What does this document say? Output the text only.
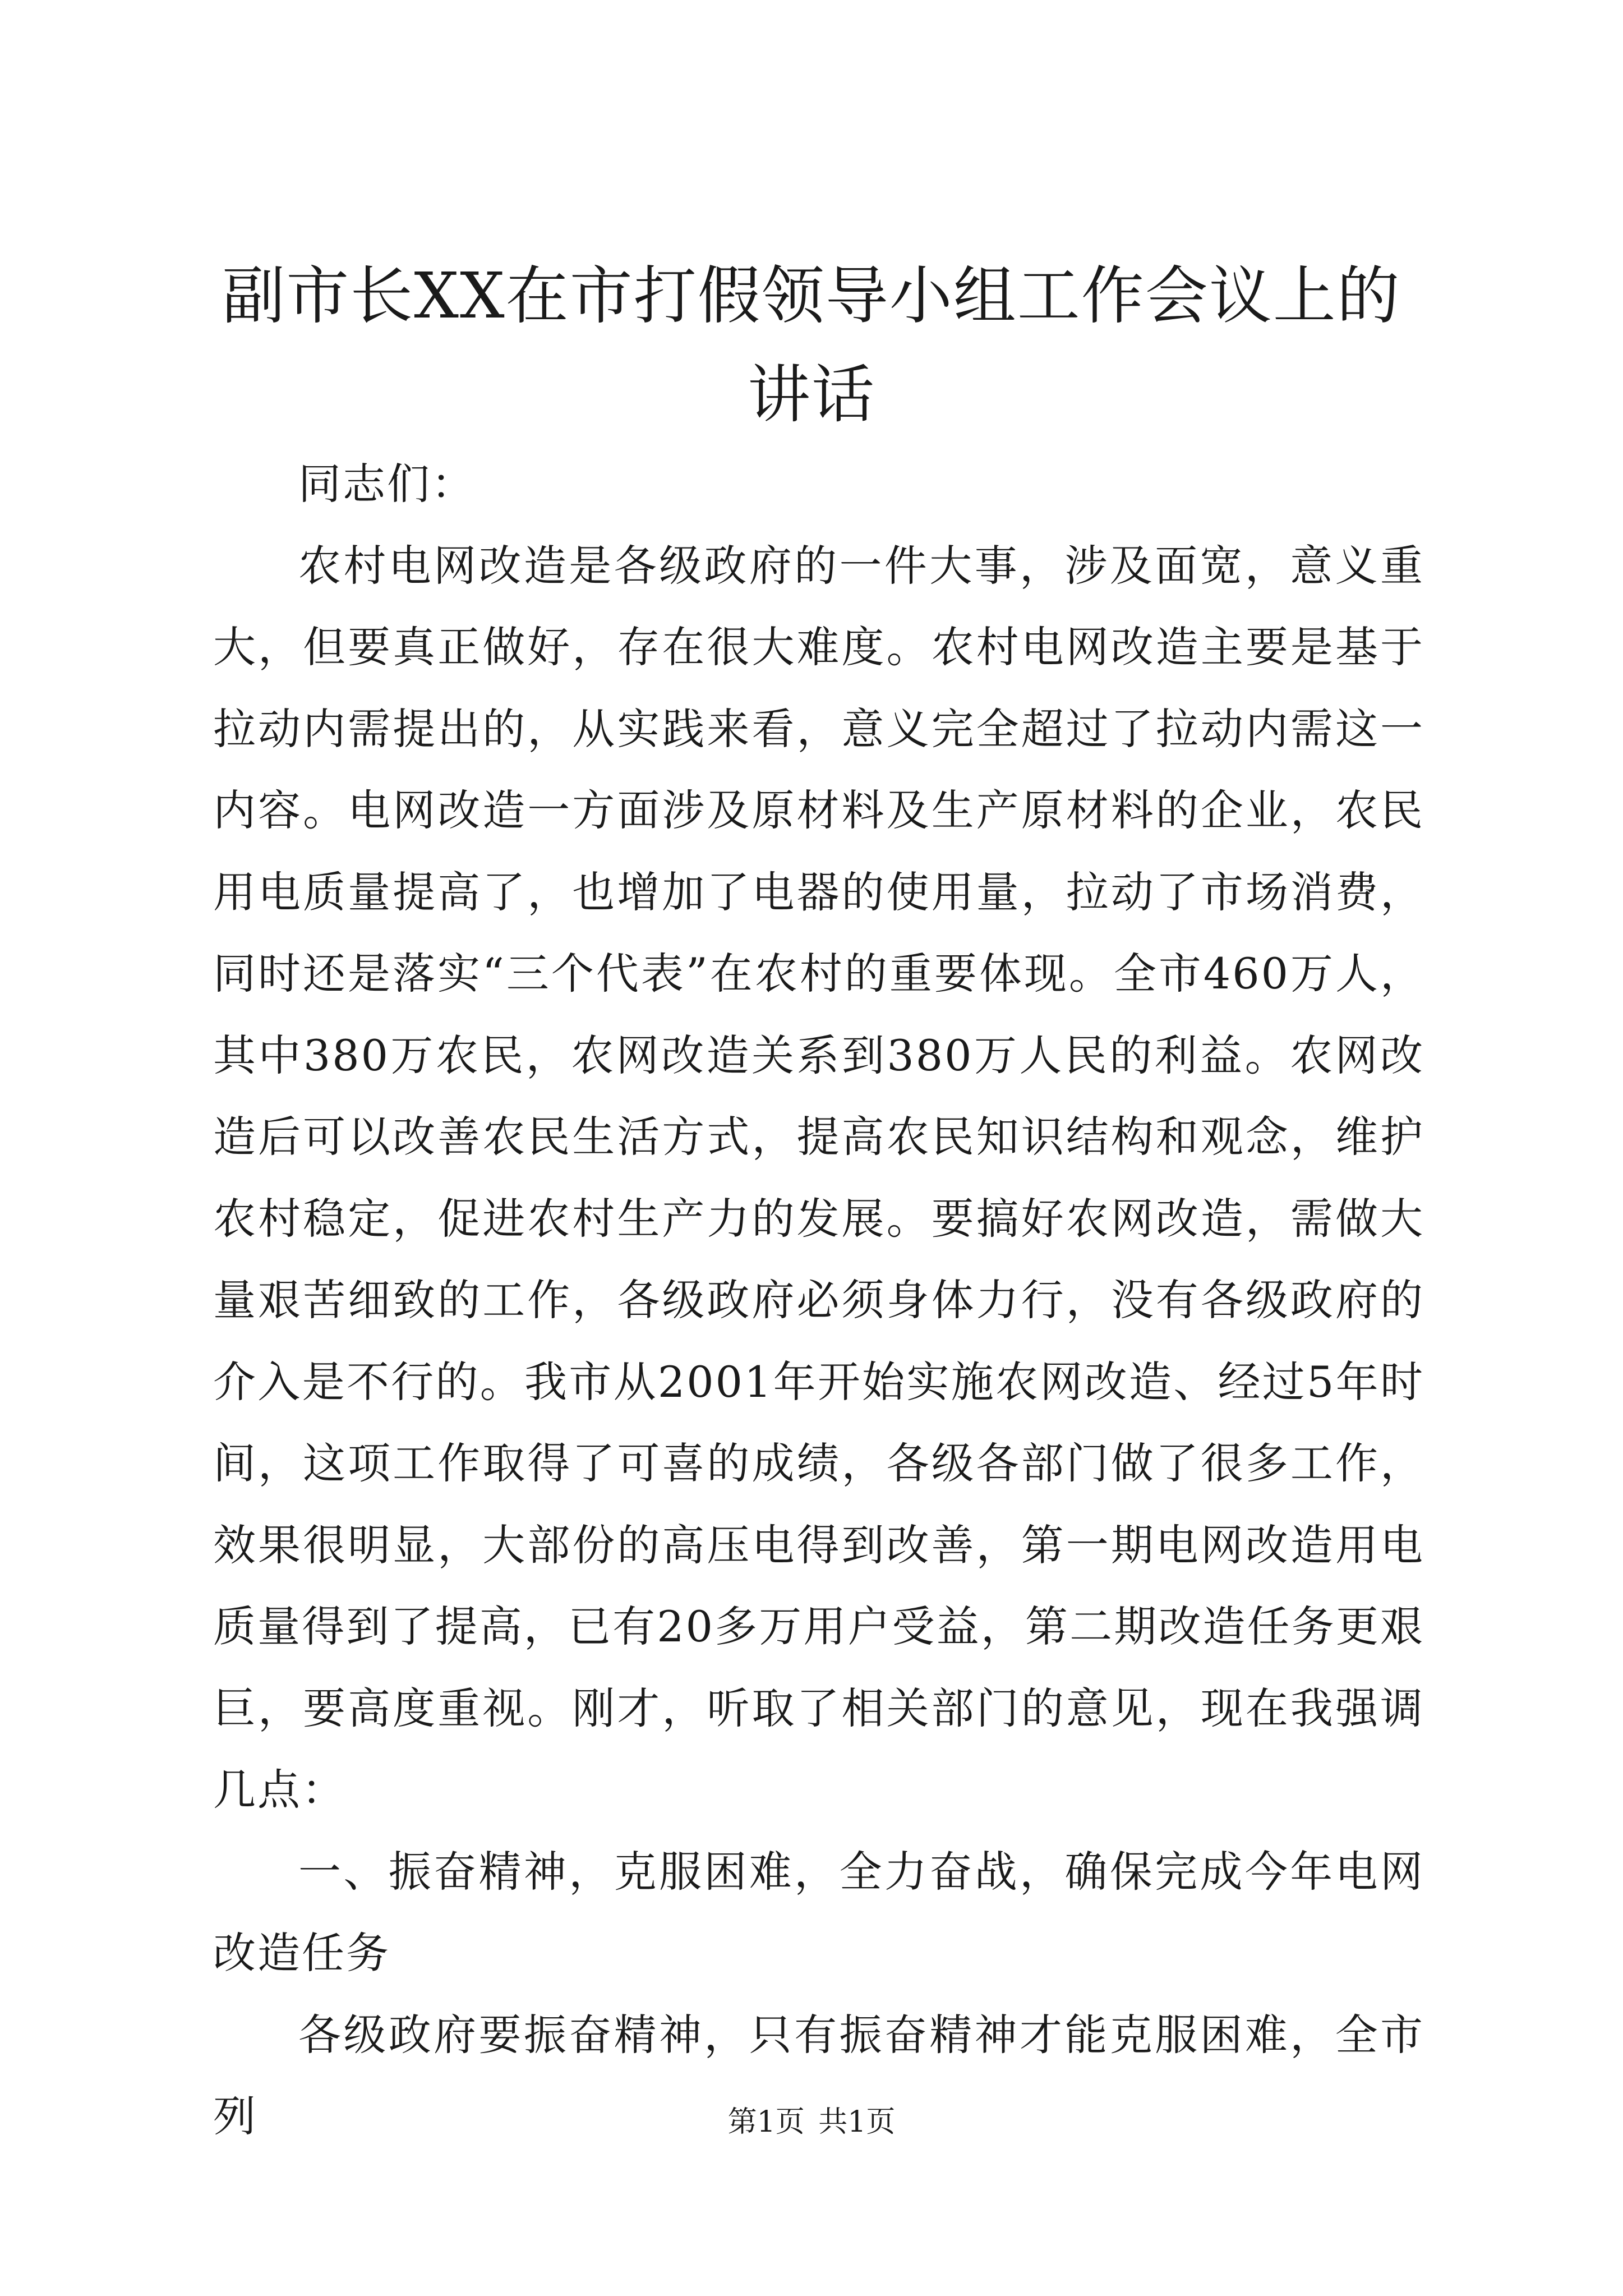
副市长XX在市打假领导小组工作会议上的讲话

同志们：

农村电网改造是各级政府的一件大事，涉及面宽，意义重大，但要真正做好，存在很大难度。农村电网改造主要是基于拉动内需提出的，从实践来看，意义完全超过了拉动内需这一内容。电网改造一方面涉及原材料及生产原材料的企业，农民用电质量提高了，也增加了电器的使用量，拉动了市场消费，同时还是落实“三个代表”在农村的重要体现。全市460万人，其中380万农民，农网改造关系到380万人民的利益。农网改造后可以改善农民生活方式，提高农民知识结构和观念，维护农村稳定，促进农村生产力的发展。要搞好农网改造，需做大量艰苦细致的工作，各级政府必须身体力行，没有各级政府的介入是不行的。我市从2001年开始实施农网改造、经过5年时间，这项工作取得了可喜的成绩，各级各部门做了很多工作，效果很明显，大部份的高压电得到改善，第一期电网改造用电质量得到了提高，已有20多万用户受益，第二期改造任务更艰巨，要高度重视。刚才，听取了相关部门的意见，现在我强调几点：

一、振奋精神，克服困难，全力奋战，确保完成今年电网改造任务

各级政府要振奋精神，只有振奋精神才能克服困难，全市列	第1页 共1页
